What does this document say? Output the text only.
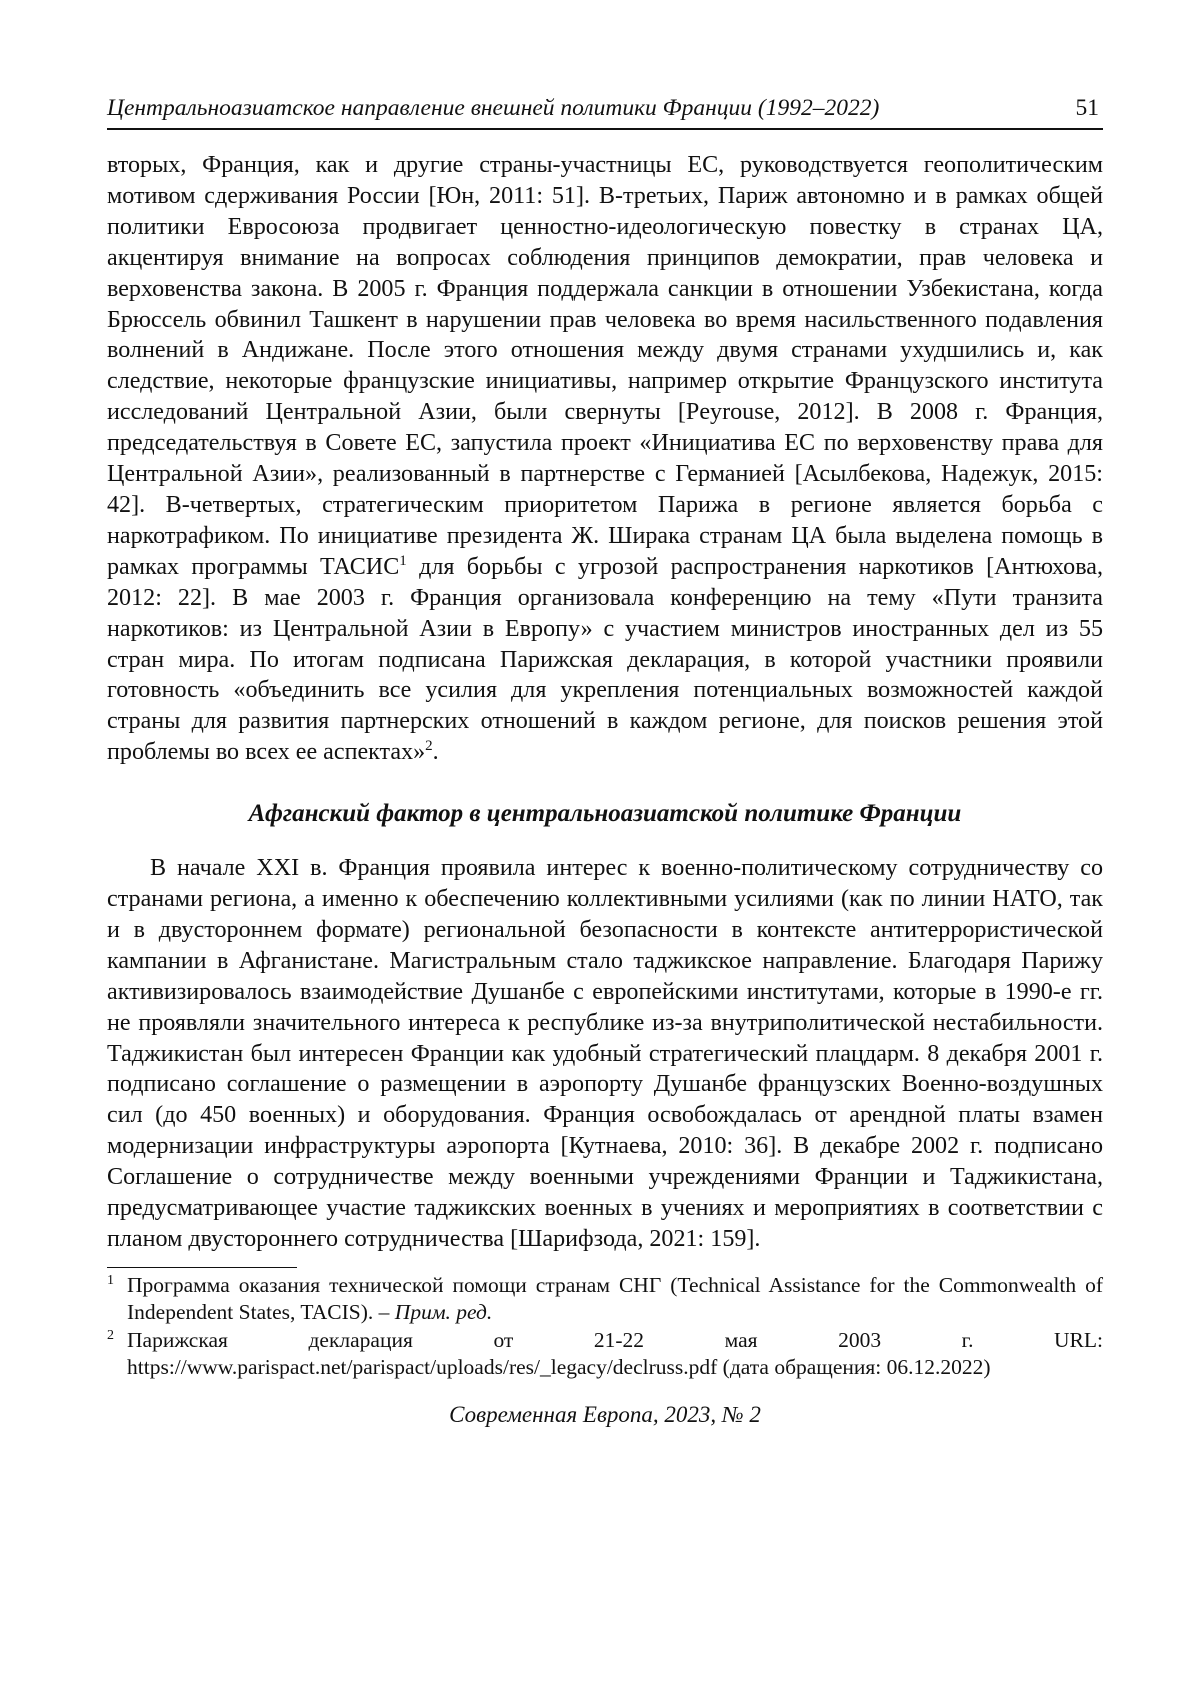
Центральноазиатское направление внешней политики Франции (1992–2022)	51

вторых, Франция, как и другие страны-участницы ЕС, руководствуется геополитическим мотивом сдерживания России [Юн, 2011: 51]. В-третьих, Париж автономно и в рамках общей политики Евросоюза продвигает ценностно-идеологическую повестку в странах ЦА, акцентируя внимание на вопросах соблюдения принципов демократии, прав человека и верховенства закона. В 2005 г. Франция поддержала санкции в отношении Узбекистана, когда Брюссель обвинил Ташкент в нарушении прав человека во время насильственного подавления волнений в Андижане. После этого отношения между двумя странами ухудшились и, как следствие, некоторые французские инициативы, например открытие Французского института исследований Центральной Азии, были свернуты [Peyrouse, 2012]. В 2008 г. Франция, председательствуя в Совете ЕС, запустила проект «Инициатива ЕС по верховенству права для Центральной Азии», реализованный в партнерстве с Германией [Асылбекова, Надежук, 2015: 42]. В-четвертых, стратегическим приоритетом Парижа в регионе является борьба с наркотрафиком. По инициативе президента Ж. Ширака странам ЦА была выделена помощь в рамках программы ТАСИС$^1$ для борьбы с угрозой распространения наркотиков [Антюхова, 2012: 22]. В мае 2003 г. Франция организовала конференцию на тему «Пути транзита наркотиков: из Центральной Азии в Европу» с участием министров иностранных дел из 55 стран мира. По итогам подписана Парижская декларация, в которой участники проявили готовность «объединить все усилия для укрепления потенциальных возможностей каждой страны для развития партнерских отношений в каждом регионе, для поисков решения этой проблемы во всех ее аспектах»$^2$.

Афганский фактор в центральноазиатской политике Франции

В начале XXI в. Франция проявила интерес к военно-политическому сотрудничеству со странами региона, а именно к обеспечению коллективными усилиями (как по линии НАТО, так и в двустороннем формате) региональной безопасности в контексте антитеррористической кампании в Афганистане. Магистральным стало таджикское направление. Благодаря Парижу активизировалось взаимодействие Душанбе с европейскими институтами, которые в 1990-е гг. не проявляли значительного интереса к республике из-за внутриполитической нестабильности. Таджикистан был интересен Франции как удобный стратегический плацдарм. 8 декабря 2001 г. подписано соглашение о размещении в аэропорту Душанбе французских Военно-воздушных сил (до 450 военных) и оборудования. Франция освобождалась от арендной платы взамен модернизации инфраструктуры аэропорта [Кутнаева, 2010: 36]. В декабре 2002 г. подписано Соглашение о сотрудничестве между военными учреждениями Франции и Таджикистана, предусматривающее участие таджикских военных в учениях и мероприятиях в соответствии с планом двустороннего сотрудничества [Шарифзода, 2021: 159].

1 Программа оказания технической помощи странам СНГ (Technical Assistance for the Commonwealth of Independent States, TACIS). – Прим. ред.
2 Парижская декларация от 21-22 мая 2003 г. URL: https://www.parispact.net/parispact/uploads/res/_legacy/declruss.pdf (дата обращения: 06.12.2022)
Современная Европа, 2023, № 2
